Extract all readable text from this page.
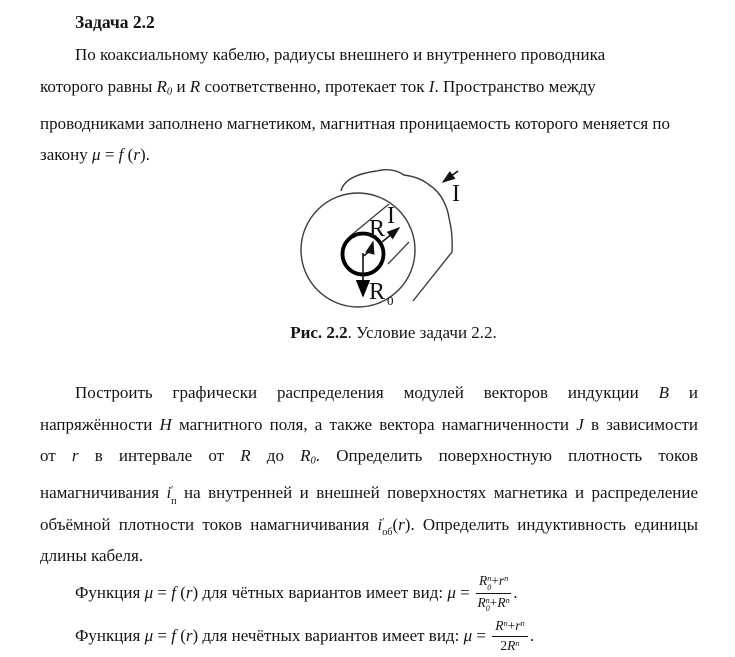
Задача 2.2
По коаксиальному кабелю, радиусы внешнего и внутреннего проводника
которого равны R0 и R соответственно, протекает ток I. Пространство между
проводниками заполнено магнетиком, магнитная проницаемость которого меняется по
закону μ = f (r).
R I
R 0
I
Рис. 2.2. Условие задачи 2.2.
Построить графически распределения модулей векторов индукции B и
напряжённости H магнитного поля, а также вектора намагниченности J в зависимости
от r в интервале от R до R0. Определить поверхностную плотность токов
намагничивания i ′
п на внутренней и внешней поверхностях магнетика и распределение
объёмной плотности токов намагничивания i ′
об (r). Определить индуктивность единицы
длины кабеля.
Функция μ = f (r) для чётных вариантов имеет вид: μ = R n
$0 +r^n$
R n
$0 +R^n$ .
Функция μ = f (r) для нечётных вариантов имеет вид: $\mu = \frac{R^n+r^n}{2R^n}$ .
